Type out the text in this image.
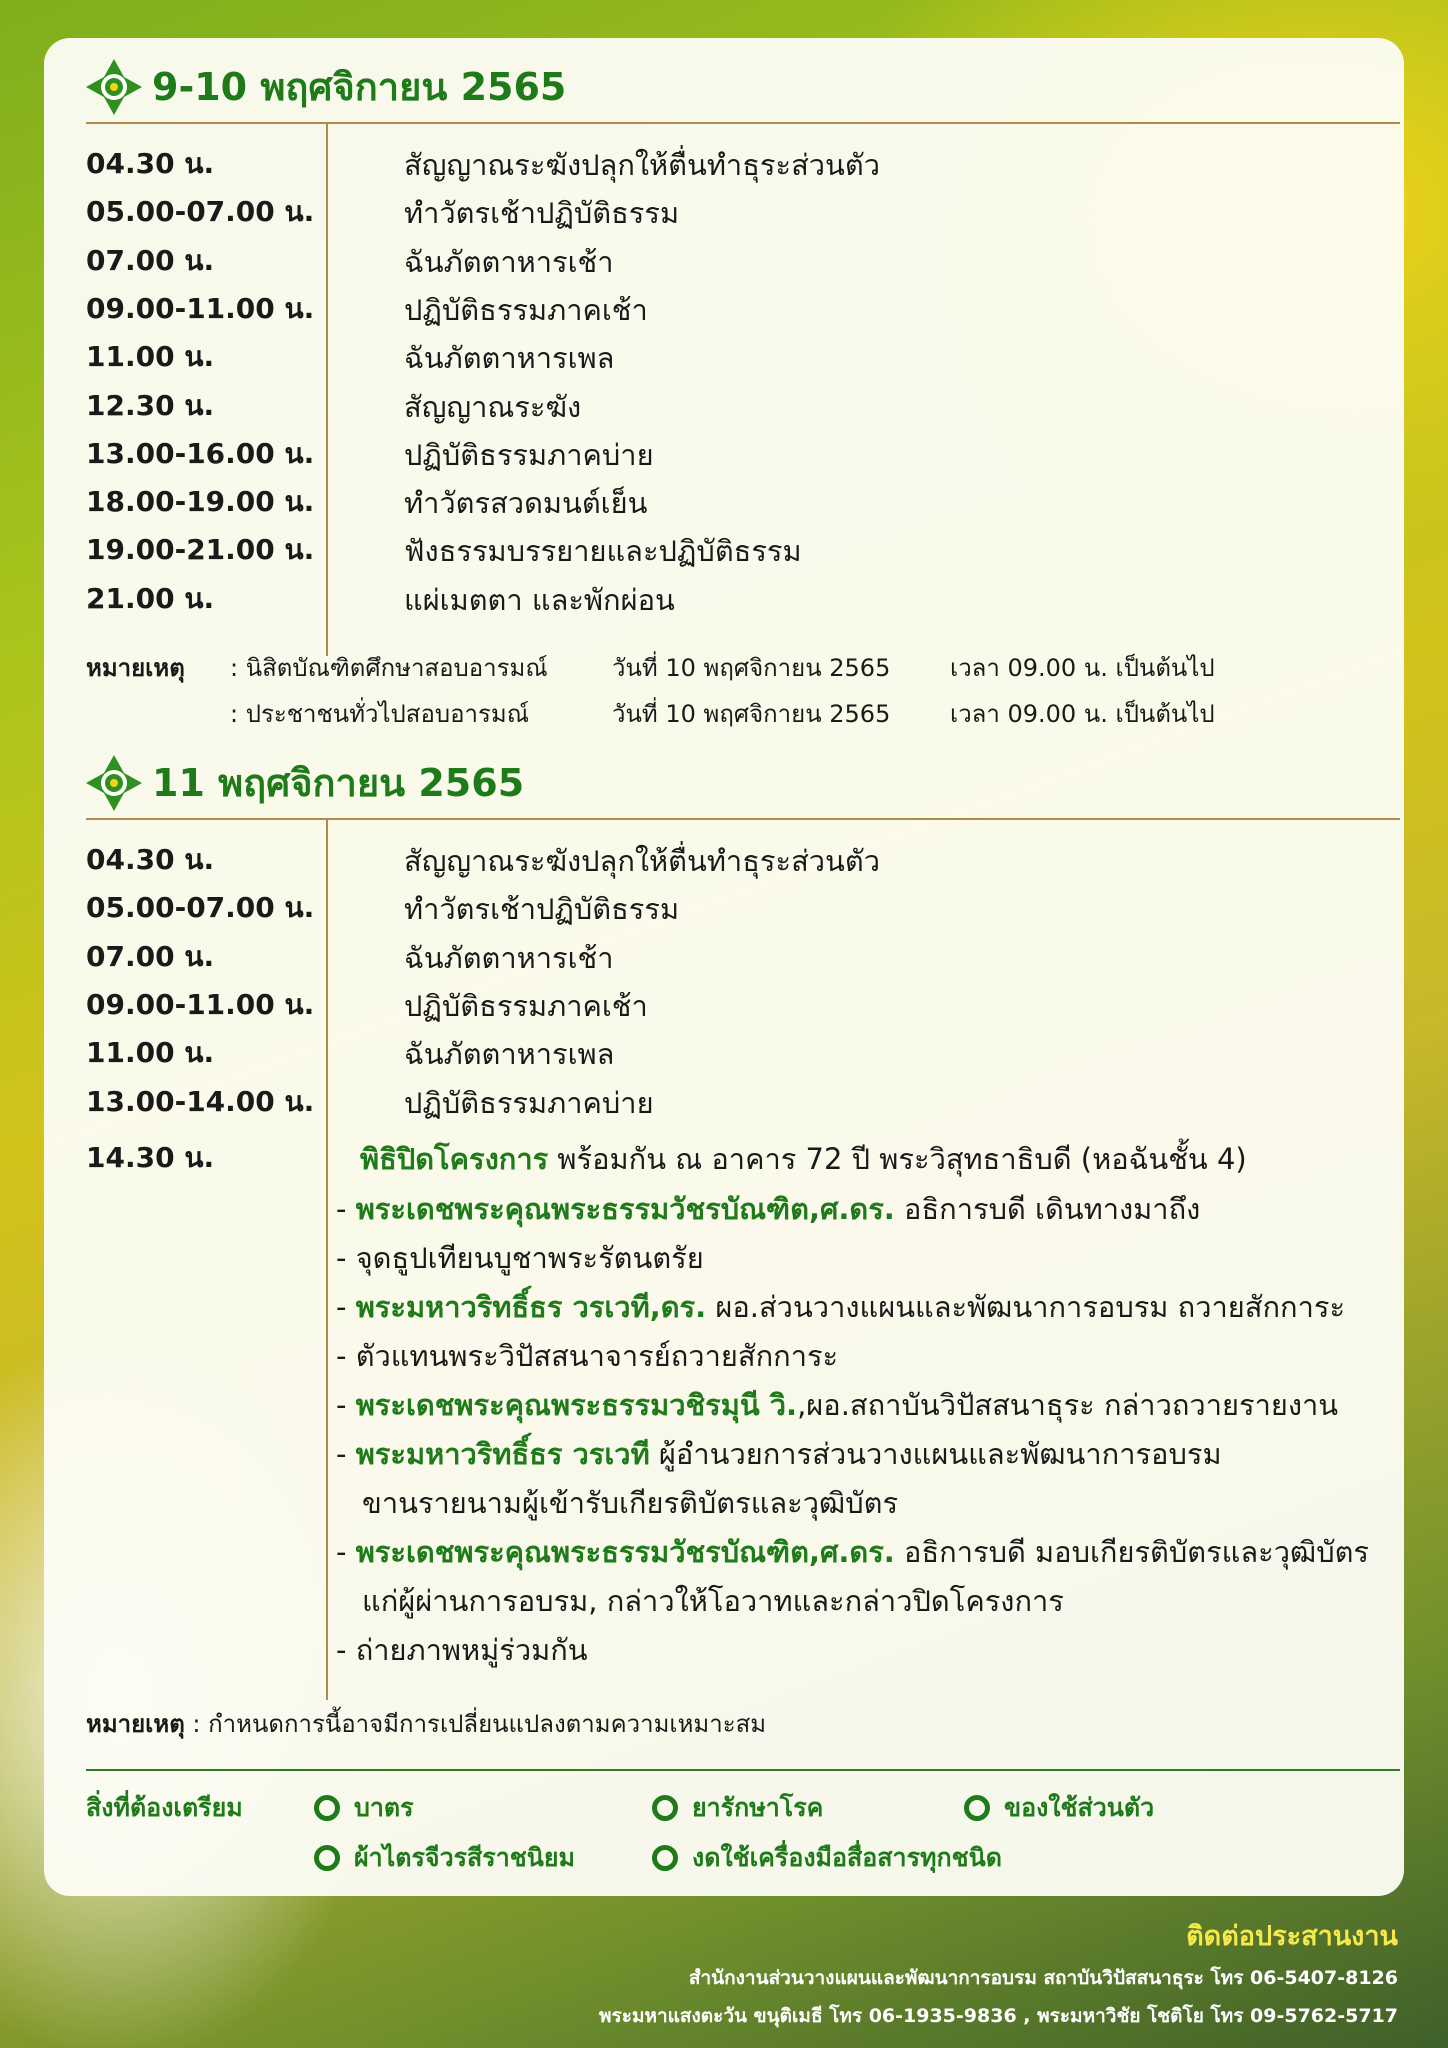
9-10 พฤศจิกายน 2565
04.30 น.	สัญญาณระฆังปลุกให้ตื่นทำธุระส่วนตัว
05.00-07.00 น.	ทำวัตรเช้าปฏิบัติธรรม
07.00 น.	ฉันภัตตาหารเช้า
09.00-11.00 น.	ปฏิบัติธรรมภาคเช้า
11.00 น.	ฉันภัตตาหารเพล
12.30 น.	สัญญาณระฆัง
13.00-16.00 น.	ปฏิบัติธรรมภาคบ่าย
18.00-19.00 น.	ทำวัตรสวดมนต์เย็น
19.00-21.00 น.	ฟังธรรมบรรยายและปฏิบัติธรรม
21.00 น.	แผ่เมตตา และพักผ่อน
หมายเหตุ : นิสิตบัณฑิตศึกษาสอบอารมณ์	วันที่ 10 พฤศจิกายน 2565 เวลา 09.00 น. เป็นต้นไป
: ประชาชนทั่วไปสอบอารมณ์	วันที่ 10 พฤศจิกายน 2565 เวลา 09.00 น. เป็นต้นไป
11 พฤศจิกายน 2565
04.30 น.	สัญญาณระฆังปลุกให้ตื่นทำธุระส่วนตัว
05.00-07.00 น.	ทำวัตรเช้าปฏิบัติธรรม
07.00 น.	ฉันภัตตาหารเช้า
09.00-11.00 น.	ปฏิบัติธรรมภาคเช้า
11.00 น.	ฉันภัตตาหารเพล
13.00-14.00 น.	ปฏิบัติธรรมภาคบ่าย
14.30 น.	พิธิปิดโครงการ พร้อมกัน ณ อาคาร 72 ปี พระวิสุทธาธิบดี (หอฉันชั้น 4)
- พระเดชพระคุณพระธรรมวัชรบัณฑิต,ศ.ดร. อธิการบดี เดินทางมาถึง
- จุดธูปเทียนบูชาพระรัตนตรัย
- พระมหาวริทธิ์ธร วรเวที,ดร. ผอ.ส่วนวางแผนและพัฒนาการอบรม ถวายสักการะ
- ตัวแทนพระวิปัสสนาจารย์ถวายสักการะ
- พระเดชพระคุณพระธรรมวชิรมุนี วิ.,ผอ.สถาบันวิปัสสนาธุระ กล่าวถวายรายงาน
- พระมหาวริทธิ์ธร วรเวที ผู้อำนวยการส่วนวางแผนและพัฒนาการอบรม
ขานรายนามผู้เข้ารับเกียรติบัตรและวุฒิบัตร
- พระเดชพระคุณพระธรรมวัชรบัณฑิต,ศ.ดร. อธิการบดี มอบเกียรติบัตรและวุฒิบัตร
แก่ผู้ผ่านการอบรม, กล่าวให้โอวาทและกล่าวปิดโครงการ
- ถ่ายภาพหมู่ร่วมกัน
หมายเหตุ : กำหนดการนี้อาจมีการเปลี่ยนแปลงตามความเหมาะสม
สิ่งที่ต้องเตรียม	บาตร	ยารักษาโรค	ของใช้ส่วนตัว
ผ้าไตรจีวรสีราชนิยม	งดใช้เครื่องมือสื่อสารทุกชนิด
ติดต่อประสานงาน
สำนักงานส่วนวางแผนและพัฒนาการอบรม สถาบันวิปัสสนาธุระ โทร 06-5407-8126
พระมหาแสงตะวัน ขนุติเมธี โทร 06-1935-9836 , พระมหาวิชัย โชติโย โทร 09-5762-5717
